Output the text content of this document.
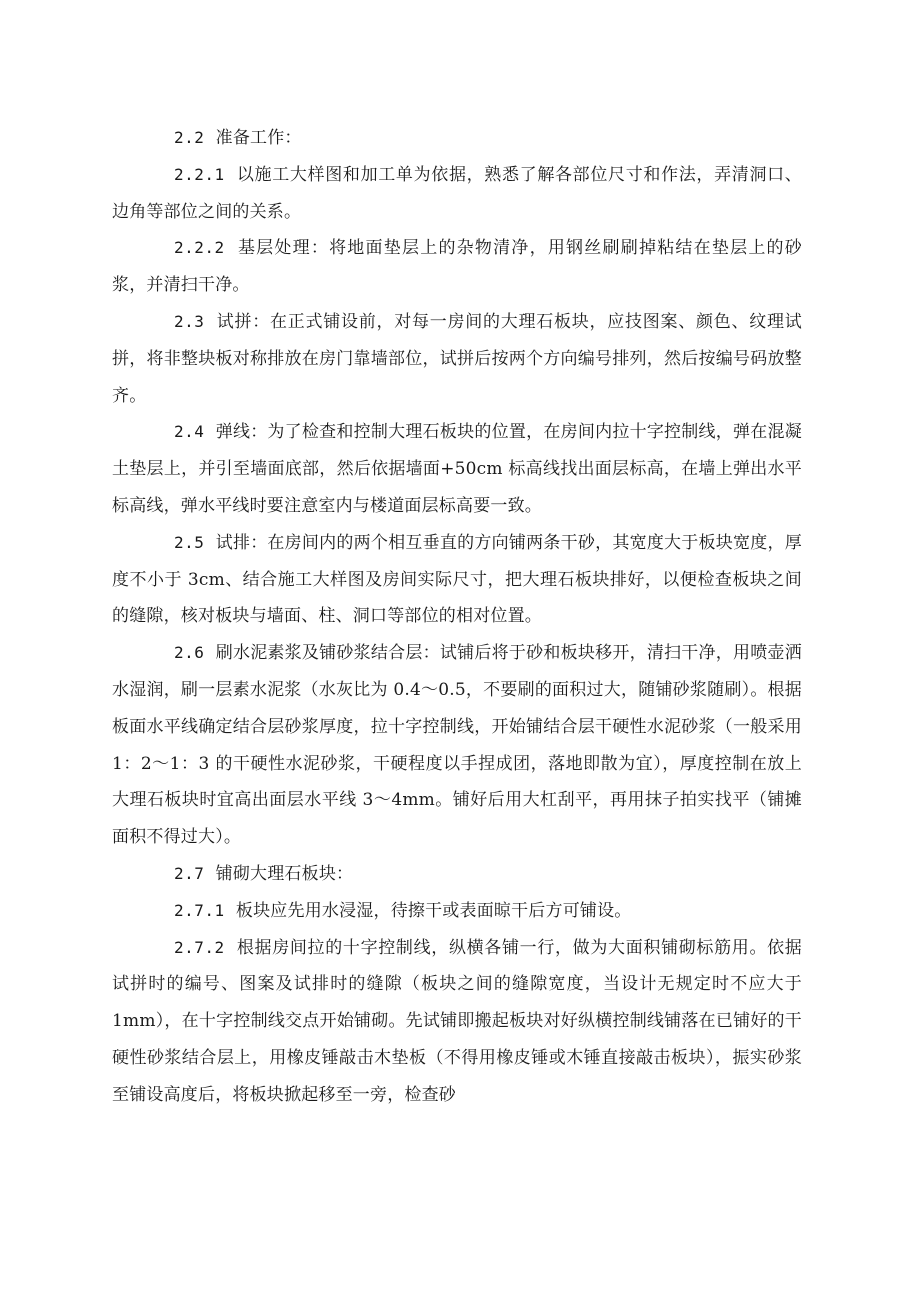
2.2 准备工作：

2.2.1 以施工大样图和加工单为依据，熟悉了解各部位尺寸和作法，弄清洞口、边角等部位之间的关系。

2.2.2 基层处理：将地面垫层上的杂物清净，用钢丝刷刷掉粘结在垫层上的砂浆，并清扫干净。

2.3 试拼：在正式铺设前，对每一房间的大理石板块，应技图案、颜色、纹理试拼，将非整块板对称排放在房门靠墙部位，试拼后按两个方向编号排列，然后按编号码放整齐。

2.4 弹线：为了检查和控制大理石板块的位置，在房间内拉十字控制线，弹在混凝土垫层上，并引至墙面底部，然后依据墙面+50cm 标高线找出面层标高，在墙上弹出水平标高线，弹水平线时要注意室内与楼道面层标高要一致。

2.5 试排：在房间内的两个相互垂直的方向铺两条干砂，其宽度大于板块宽度，厚度不小于 3cm、结合施工大样图及房间实际尺寸，把大理石板块排好，以便检查板块之间的缝隙，核对板块与墙面、柱、洞口等部位的相对位置。

2.6 刷水泥素浆及铺砂浆结合层：试铺后将于砂和板块移开，清扫干净，用喷壶洒水湿润，刷一层素水泥浆（水灰比为 0.4～0.5，不要刷的面积过大，随铺砂浆随刷）。根据板面水平线确定结合层砂浆厚度，拉十字控制线，开始铺结合层干硬性水泥砂浆（一般采用 1：2～1：3 的干硬性水泥砂浆，干硬程度以手捏成团，落地即散为宜），厚度控制在放上大理石板块时宜高出面层水平线 3～4mm。铺好后用大杠刮平，再用抹子拍实找平（铺摊面积不得过大）。

2.7 铺砌大理石板块：

2.7.1 板块应先用水浸湿，待擦干或表面晾干后方可铺设。

2.7.2 根据房间拉的十字控制线，纵横各铺一行，做为大面积铺砌标筋用。依据试拼时的编号、图案及试排时的缝隙（板块之间的缝隙宽度，当设计无规定时不应大于 1mm），在十字控制线交点开始铺砌。先试铺即搬起板块对好纵横控制线铺落在已铺好的干硬性砂浆结合层上，用橡皮锤敲击木垫板（不得用橡皮锤或木锤直接敲击板块），振实砂浆至铺设高度后，将板块掀起移至一旁，检查砂
